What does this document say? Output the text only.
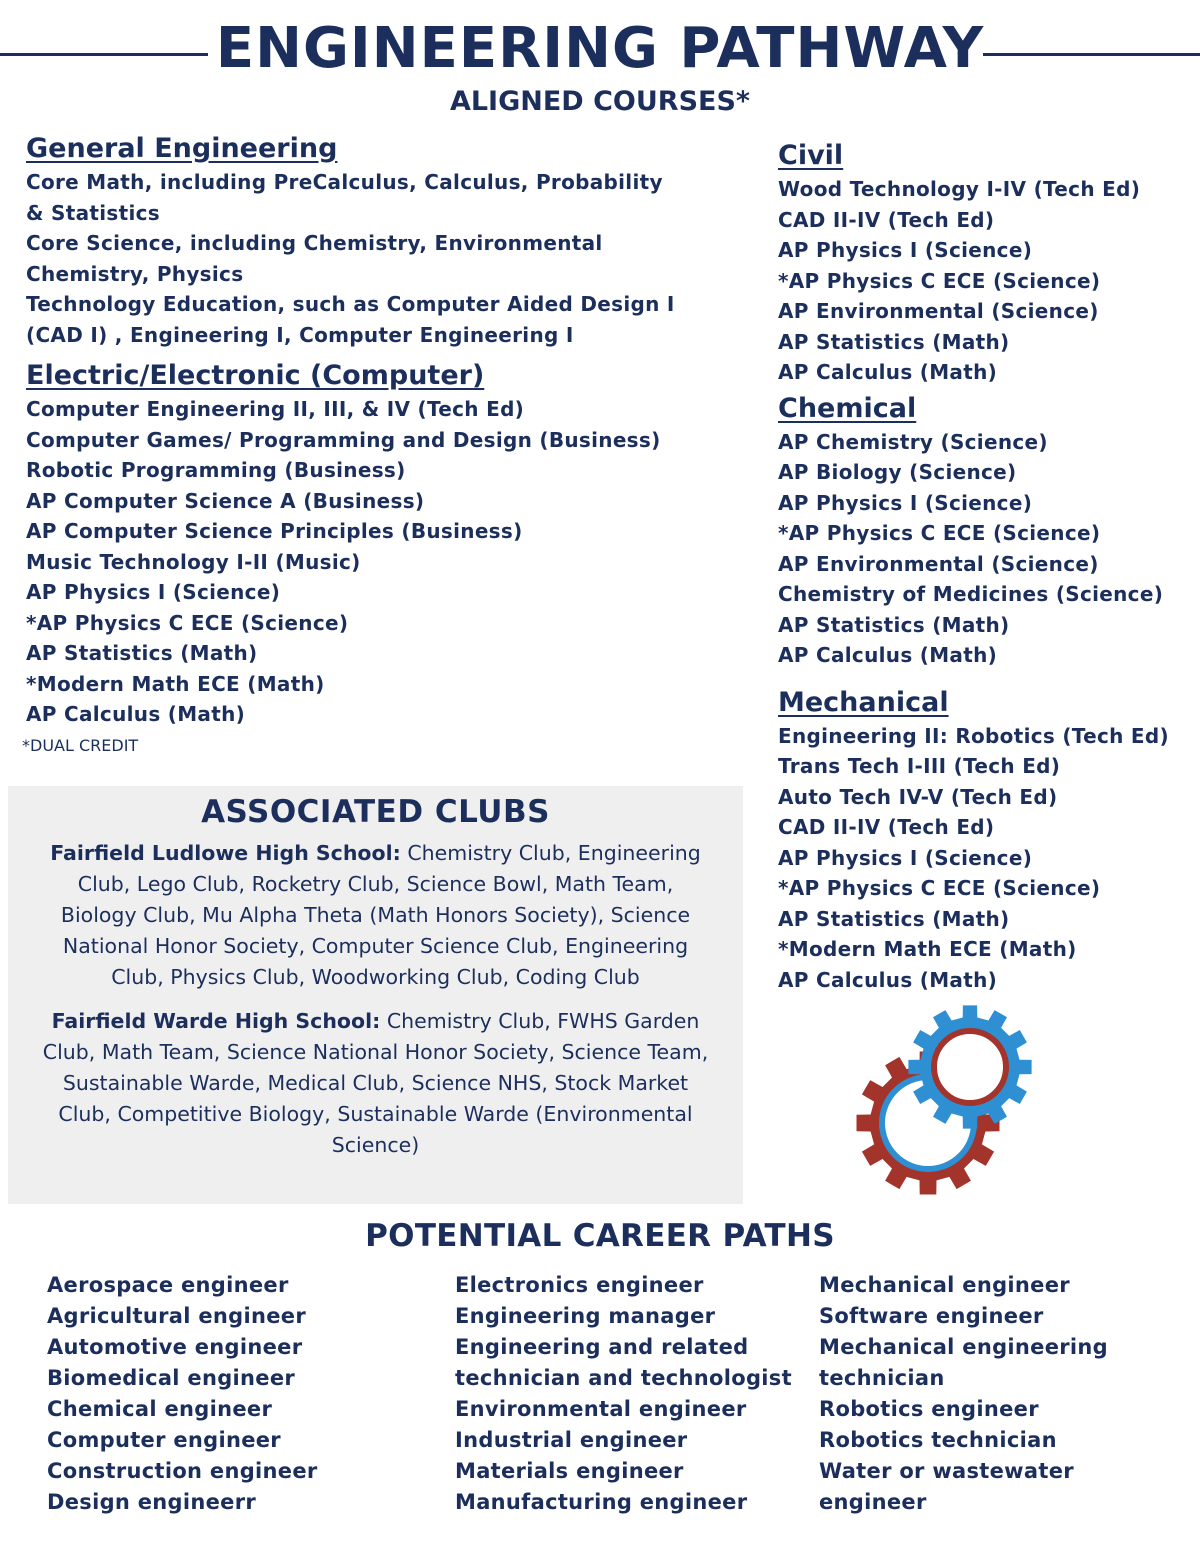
ENGINEERING PATHWAY
ALIGNED COURSES*

General Engineering

Core Math, including PreCalculus, Calculus, Probability

& Statistics

Core Science, including Chemistry, Environmental

Chemistry, Physics

Technology Education, such as Computer Aided Design I

(CAD I) , Engineering I, Computer Engineering I

Electric/Electronic (Computer)

Computer Engineering II, III, & IV (Tech Ed)

Computer Games/ Programming and Design (Business)

Robotic Programming (Business)

AP Computer Science A (Business)

AP Computer Science Principles (Business)

Music Technology I-II (Music)

AP Physics I (Science)

*AP Physics C ECE (Science)

AP Statistics (Math)

*Modern Math ECE (Math)

AP Calculus (Math)

*DUAL CREDIT

Civil

Wood Technology I-IV (Tech Ed)

CAD II-IV (Tech Ed)

AP Physics I (Science)

*AP Physics C ECE (Science)

AP Environmental (Science)

AP Statistics (Math)

AP Calculus (Math)

Chemical

AP Chemistry (Science)

AP Biology (Science)

AP Physics I (Science)

*AP Physics C ECE (Science)

AP Environmental (Science)

Chemistry of Medicines (Science)

AP Statistics (Math)

AP Calculus (Math)

Mechanical

Engineering II: Robotics (Tech Ed)

Trans Tech I-III (Tech Ed)

Auto Tech IV-V (Tech Ed)

CAD II-IV (Tech Ed)

AP Physics I (Science)

*AP Physics C ECE (Science)

AP Statistics (Math)

*Modern Math ECE (Math)

AP Calculus (Math)

ASSOCIATED CLUBS

Fairfield Ludlowe High School: Chemistry Club, Engineering Club, Lego Club, Rocketry Club, Science Bowl, Math Team, Biology Club, Mu Alpha Theta (Math Honors Society), Science National Honor Society, Computer Science Club, Engineering Club, Physics Club, Woodworking Club, Coding Club

Fairfield Warde High School: Chemistry Club, FWHS Garden Club, Math Team, Science National Honor Society, Science Team, Sustainable Warde, Medical Club, Science NHS, Stock Market Club, Competitive Biology, Sustainable Warde (Environmental Science)

POTENTIAL CAREER PATHS

Aerospace engineer

Agricultural engineer

Automotive engineer

Biomedical engineer

Chemical engineer

Computer engineer

Construction engineer

Design engineerr

Electronics engineer

Engineering manager

Engineering and related

technician and technologist

Environmental engineer

Industrial engineer

Materials engineer

Manufacturing engineer

Mechanical engineer

Software engineer

Mechanical engineering

technician

Robotics engineer

Robotics technician

Water or wastewater engineer
